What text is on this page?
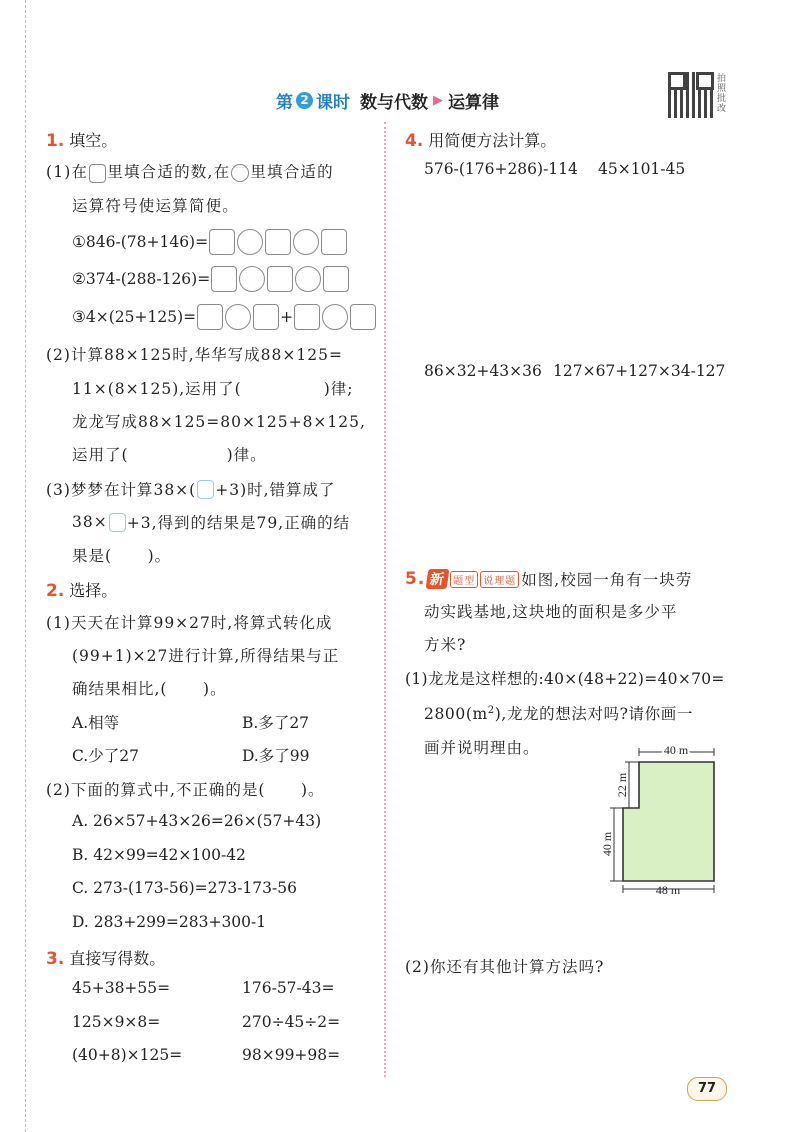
第 2 课时 数与代数 ▶ 运算律
拍照批改
1. 填空。
(1)在 里填合适的数,在 里填合适的
运算符号使运算简便。
①846-(78+146)=
②374-(288-126)=
③4×(25+125)=	+
(2)计算88×125时,华华写成88×125=
11×(8×125),运用了(	)律;
龙龙写成88×125=80×125+8×125,
运用了(	)律。
(3)梦梦在计算38×( +3)时,错算成了
38× +3,得到的结果是79,正确的结
果是(      )。
2. 选择。
(1)天天在计算99×27时,将算式转化成
(99+1)×27进行计算,所得结果与正
确结果相比,(      )。
A.相等	B.多了27
C.少了27	D.多了99
(2)下面的算式中,不正确的是(      )。
A. 26×57+43×26=26×(57+43)
B. 42×99=42×100-42
C. 273-(173-56)=273-173-56
D. 283+299=283+300-1
3. 直接写得数。
45+38+55=	176-57-43=
125×9×8=	270÷45÷2=
(40+8)×125=	98×99+98=
4. 用简便方法计算。
576-(176+286)-114 45×101-45
86×32+43×36 127×67+127×34-127
5. 新 题型 说理题 如图,校园一角有一块劳
动实践基地,这块地的面积是多少平
方米?
(1)龙龙是这样想的:40×(48+22)=40×70=
$2800(m^2)$,龙龙的想法对吗?请你画一
画并说明理由。	40 m
48 m
22 m
40 m
(2)你还有其他计算方法吗?
77
